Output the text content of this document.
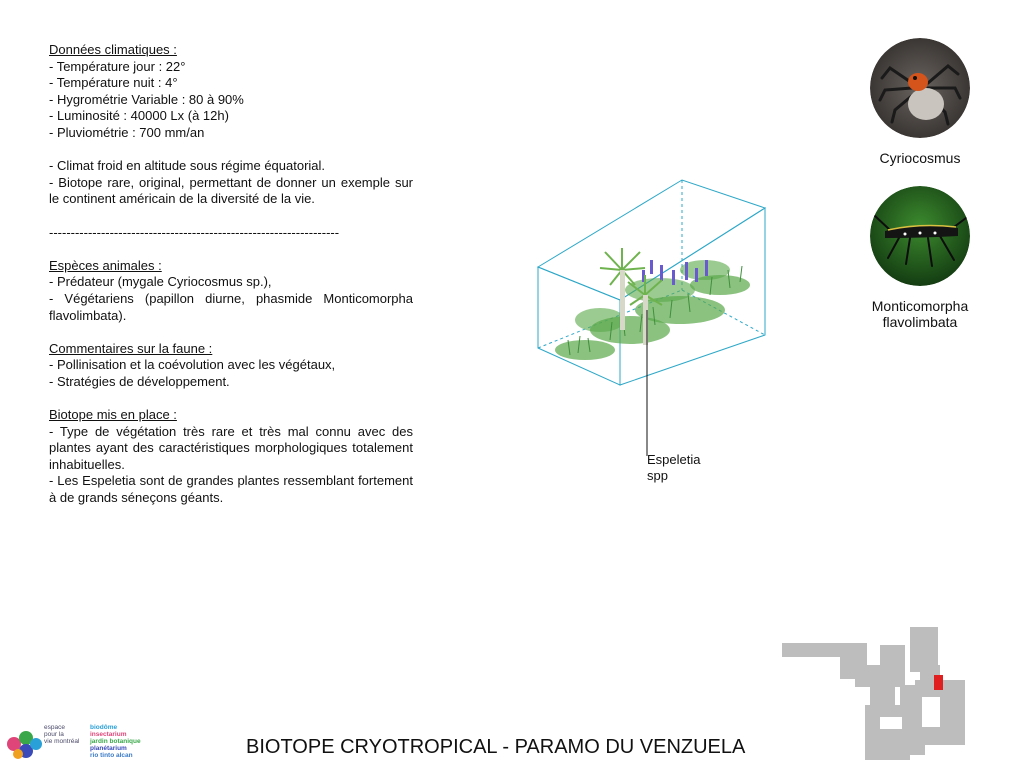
Données climatiques :
- Température jour : 22°
- Température nuit : 4°
- Hygrométrie Variable : 80 à 90%
- Luminosité : 40000 Lx (à 12h)
- Pluviométrie : 700 mm/an
- Climat froid en altitude sous régime équatorial.
- Biotope rare, original, permettant de donner un exemple sur le continent américain de la diversité de la vie.
-------------------------------------------------------------------
Espèces animales :
- Prédateur (mygale Cyriocosmus sp.),
- Végétariens (papillon diurne, phasmide Monticomorpha flavolimbata).
Commentaires sur la faune :
- Pollinisation et la coévolution avec les végétaux,
- Stratégies de développement.
Biotope mis en place :
- Type de végétation très rare et très mal connu avec des plantes ayant des caractéristiques morphologiques totalement inhabituelles.
- Les Espeletia sont de grandes plantes ressemblant fortement à de grands séneçons géants.
Espeletia
spp
Cyriocosmus
Monticomorpha
flavolimbata
espace
pour la
vie montréal
biodôme
insectarium
jardin botanique
planétarium
rio tinto alcan	BIOTOPE CRYOTROPICAL - PARAMO DU VENZUELA
